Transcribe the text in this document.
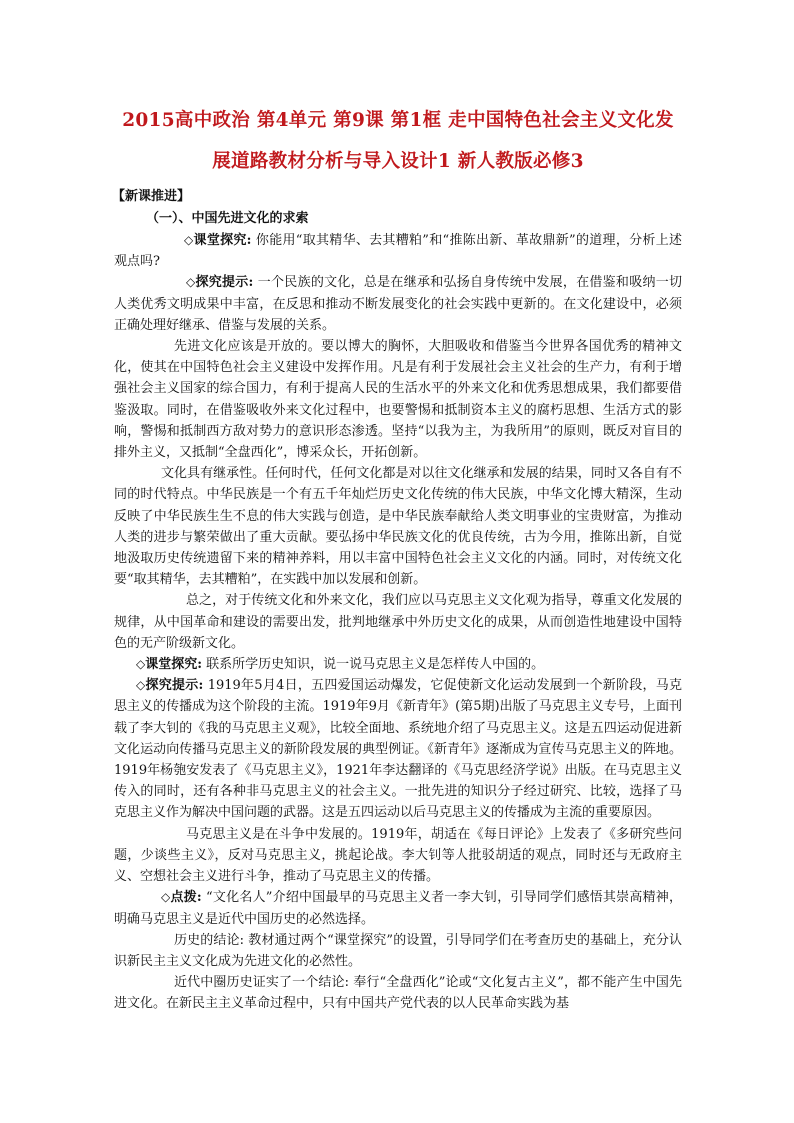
2015高中政治 第4单元 第9课 第1框 走中国特色社会主义文化发展道路教材分析与导入设计1 新人教版必修3
【新课推进】
（一）、中国先进文化的求索

◇课堂探究: 你能用“取其精华、去其糟粕”和“推陈出新、革故鼎新”的道理，分析上述观点吗?

◇探究提示: 一个民族的文化，总是在继承和弘扬自身传统中发展，在借鉴和吸纳一切人类优秀文明成果中丰富，在反思和推动不断发展变化的社会实践中更新的。在文化建设中，必须正确处理好继承、借鉴与发展的关系。

先进文化应该是开放的。要以博大的胸怀，大胆吸收和借鉴当今世界各国优秀的精神文化，使其在中国特色社会主义建设中发挥作用。凡是有利于发展社会主义社会的生产力，有利于增强社会主义国家的综合国力，有利于提高人民的生活水平的外来文化和优秀思想成果，我们都要借鉴汲取。同时，在借鉴吸收外来文化过程中，也要警惕和抵制资本主义的腐朽思想、生活方式的影响，警惕和抵制西方敌对势力的意识形态渗透。坚持“以我为主，为我所用”的原则，既反对盲目的排外主义，又抵制“全盘西化”，博采众长，开拓创新。

文化具有继承性。任何时代，任何文化都是对以往文化继承和发展的结果，同时又各自有不同的时代特点。中华民族是一个有五千年灿烂历史文化传统的伟大民族，中华文化博大精深，生动反映了中华民族生生不息的伟大实践与创造，是中华民族奉献给人类文明事业的宝贵财富，为推动人类的进步与繁荣做出了重大贡献。要弘扬中华民族文化的优良传统，古为今用，推陈出新，自觉地汲取历史传统遗留下来的精神养料，用以丰富中国特色社会主义文化的内涵。同时，对传统文化要“取其精华，去其糟粕”，在实践中加以发展和创新。

总之，对于传统文化和外来文化，我们应以马克思主义文化观为指导，尊重文化发展的规律，从中国革命和建设的需要出发，批判地继承中外历史文化的成果，从而创造性地建设中国特色的无产阶级新文化。

◇课堂探究: 联系所学历史知识，说一说马克思主义是怎样传人中国的。

◇探究提示: 1919年5月4日，五四爱国运动爆发，它促使新文化运动发展到一个新阶段，马克思主义的传播成为这个阶段的主流。1919年9月《新青年》(第5期)出版了马克思主义专号，上面刊载了李大钊的《我的马克思主义观》，比较全面地、系统地介绍了马克思主义。这是五四运动促进新文化运动向传播马克思主义的新阶段发展的典型例证。《新青年》逐渐成为宣传马克思主义的阵地。1919年杨匏安发表了《马克思主义》，1921年李达翻译的《马克思经济学说》出版。在马克思主义传入的同时，还有各种非马克思主义的社会主义。一批先进的知识分子经过研究、比较，选择了马克思主义作为解决中国问题的武器。这是五四运动以后马克思主义的传播成为主流的重要原因。

马克思主义是在斗争中发展的。1919年，胡适在《每日评论》上发表了《多研究些问题，少谈些主义》，反对马克思主义，挑起论战。李大钊等人批驳胡适的观点，同时还与无政府主义、空想社会主义进行斗争，推动了马克思主义的传播。

◇点拨: “文化名人”介绍中国最早的马克思主义者一李大钊，引导同学们感悟其崇高精神，明确马克思主义是近代中国历史的必然选择。

历史的结论: 教材通过两个“课堂探究”的设置，引导同学们在考查历史的基础上，充分认识新民主主义文化成为先进文化的必然性。

近代中圈历史证实了一个结论: 奉行“全盘西化”论或“文化复古主义”，都不能产生中国先进文化。在新民主主义革命过程中，只有中国共产党代表的以人民革命实践为基
